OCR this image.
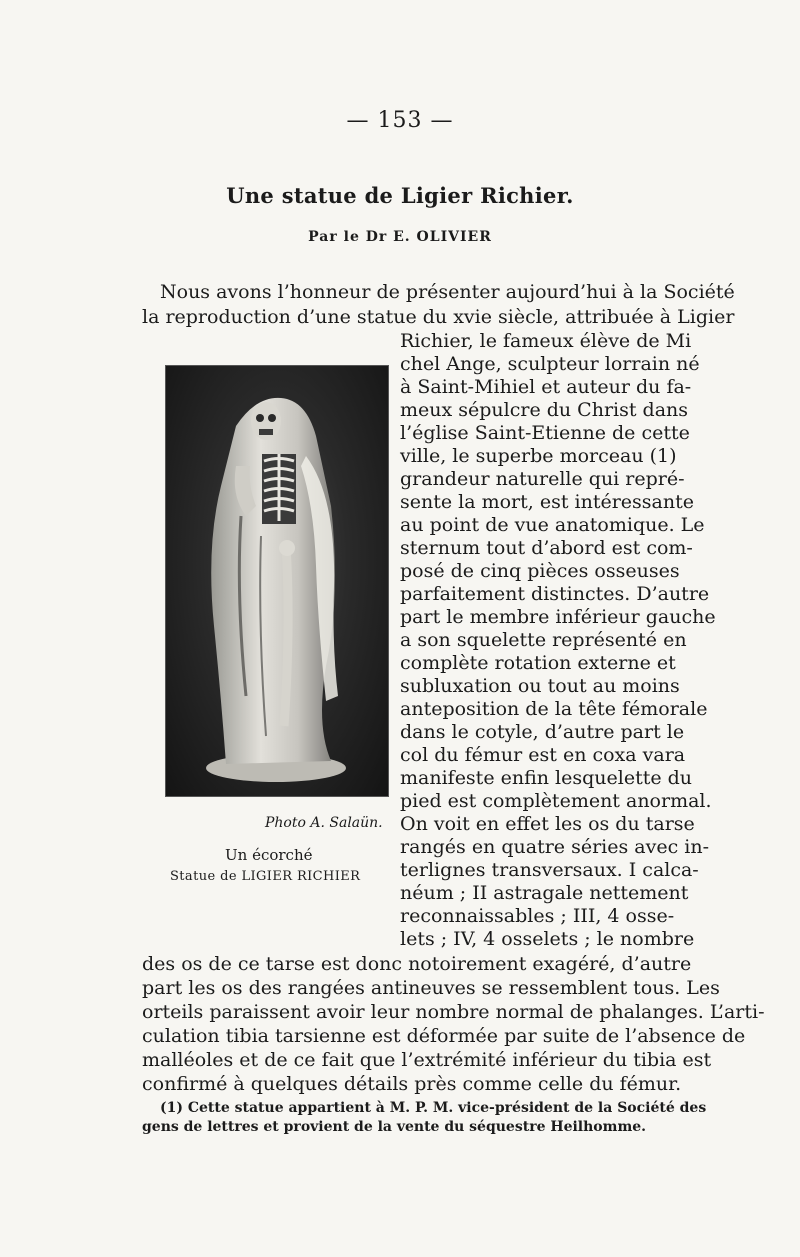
— 153 —
Une statue de Ligier Richier.
Par le Dr E. OLIVIER
Nous avons l’honneur de présenter aujourd’hui à la Société
la reproduction d’une statue du xvie siècle, attribuée à Ligier
Richier, le fameux élève de Mi
chel Ange, sculpteur lorrain né
à Saint-Mihiel et auteur du fa-
meux sépulcre du Christ dans
l’église Saint-Etienne de cette
ville, le superbe morceau (1)
grandeur naturelle qui repré-
sente la mort, est intéressante
au point de vue anatomique. Le
sternum tout d’abord est com-
posé de cinq pièces osseuses
parfaitement distinctes. D’autre
part le membre inférieur gauche
a son squelette représenté en
complète rotation externe et
subluxation ou tout au moins
anteposition de la tête fémorale
dans le cotyle, d’autre part le
col du fémur est en coxa vara
manifeste enfin lesquelette du
pied est complètement anormal.
On voit en effet les os du tarse
rangés en quatre séries avec in-
terlignes transversaux. I calca-
néum ; II astragale nettement
reconnaissables ; III, 4 osse-
lets ; IV, 4 osselets ; le nombre
des os de ce tarse est donc notoirement exagéré, d’autre
part les os des rangées antineuves se ressemblent tous. Les
orteils paraissent avoir leur nombre normal de phalanges. L’arti-
culation tibia tarsienne est déformée par suite de l’absence de
malléoles et de ce fait que l’extrémité inférieur du tibia est
confirmé à quelques détails près comme celle du fémur.
Photo A. Salaün.
Un écorché
Statue de LIGIER RICHIER
(1) Cette statue appartient à M. P. M. vice-président de la Société des
gens de lettres et provient de la vente du séquestre Heilhomme.
